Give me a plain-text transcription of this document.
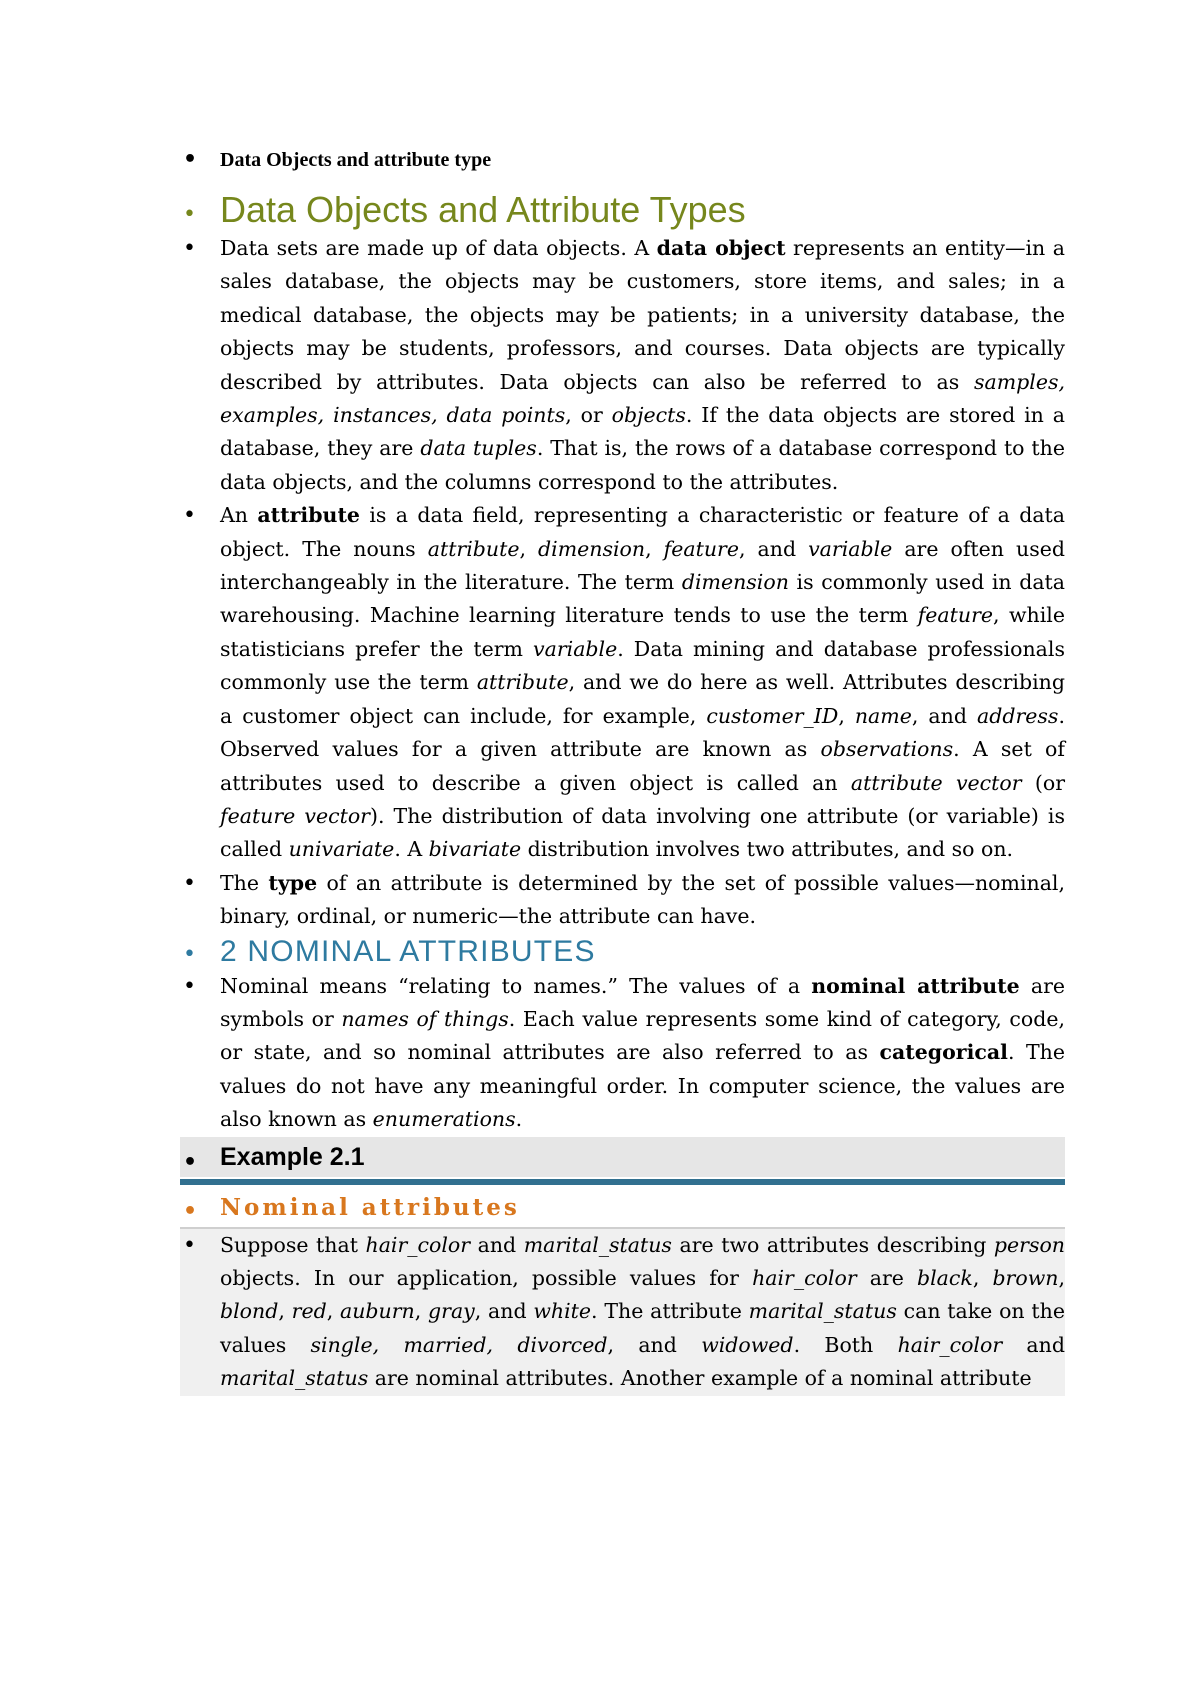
• Data Objects and attribute type
• Data Objects and Attribute Types
• Data sets are made up of data objects. A data object represents an entity—in a sales database, the objects may be customers, store items, and sales; in a medical database, the objects may be patients; in a university database, the objects may be students, professors, and courses. Data objects are typically described by attributes. Data objects can also be referred to as samples, examples, instances, data points, or objects. If the data objects are stored in a database, they are data tuples. That is, the rows of a database correspond to the data objects, and the columns correspond to the attributes.
• An attribute is a data field, representing a characteristic or feature of a data object. The nouns attribute, dimension, feature, and variable are often used interchangeably in the literature. The term dimension is commonly used in data warehousing. Machine learning literature tends to use the term feature, while statisticians prefer the term variable. Data mining and database professionals commonly use the term attribute, and we do here as well. Attributes describing a customer object can include, for example, customer_ID, name, and address. Observed values for a given attribute are known as observations. A set of attributes used to describe a given object is called an attribute vector (or feature vector). The distribution of data involving one attribute (or variable) is called univariate. A bivariate distribution involves two attributes, and so on.
• The type of an attribute is determined by the set of possible values—nominal, binary, ordinal, or numeric—the attribute can have.
• 2 NOMINAL ATTRIBUTES
• Nominal means “relating to names.” The values of a nominal attribute are symbols or names of things. Each value represents some kind of category, code, or state, and so nominal attributes are also referred to as categorical. The values do not have any meaningful order. In computer science, the values are also known as enumerations.
• Example 2.1
• Nominal attributes
• Suppose that hair_color and marital_status are two attributes describing person objects. In our application, possible values for hair_color are black, brown, blond, red, auburn, gray, and white. The attribute marital_status can take on the values single, married, divorced, and widowed. Both hair_color and marital_status are nominal attributes. Another example of a nominal attribute
